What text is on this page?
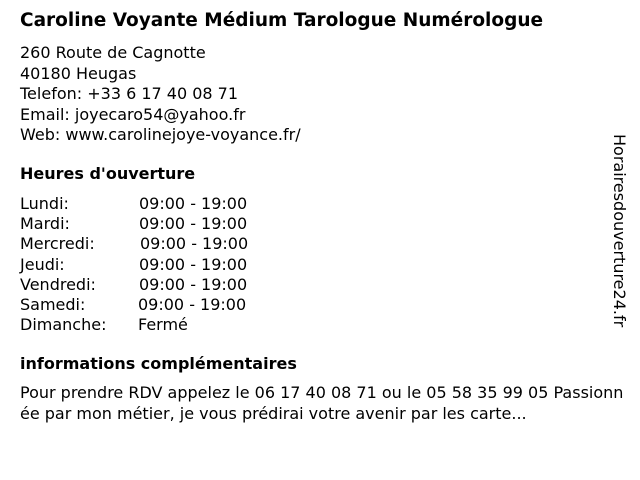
Caroline Voyante Médium Tarologue Numérologue
260 Route de Cagnotte
40180 Heugas
Telefon: +33 6 17 40 08 71
Email: joyecaro54@yahoo.fr
Web: www.carolinejoye-voyance.fr/
Heures d'ouverture
Lundi:	09:00 - 19:00
Mardi:	09:00 - 19:00
Mercredi:	09:00 - 19:00
Jeudi:	09:00 - 19:00
Vendredi:	09:00 - 19:00
Samedi:	09:00 - 19:00
Dimanche: Fermé
informations complémentaires
Pour prendre RDV appelez le 06 17 40 08 71 ou le 05 58 35 99 05 Passionnée par mon métier, je vous prédirai votre avenir par les carte...
Horairesdouverture24.fr
